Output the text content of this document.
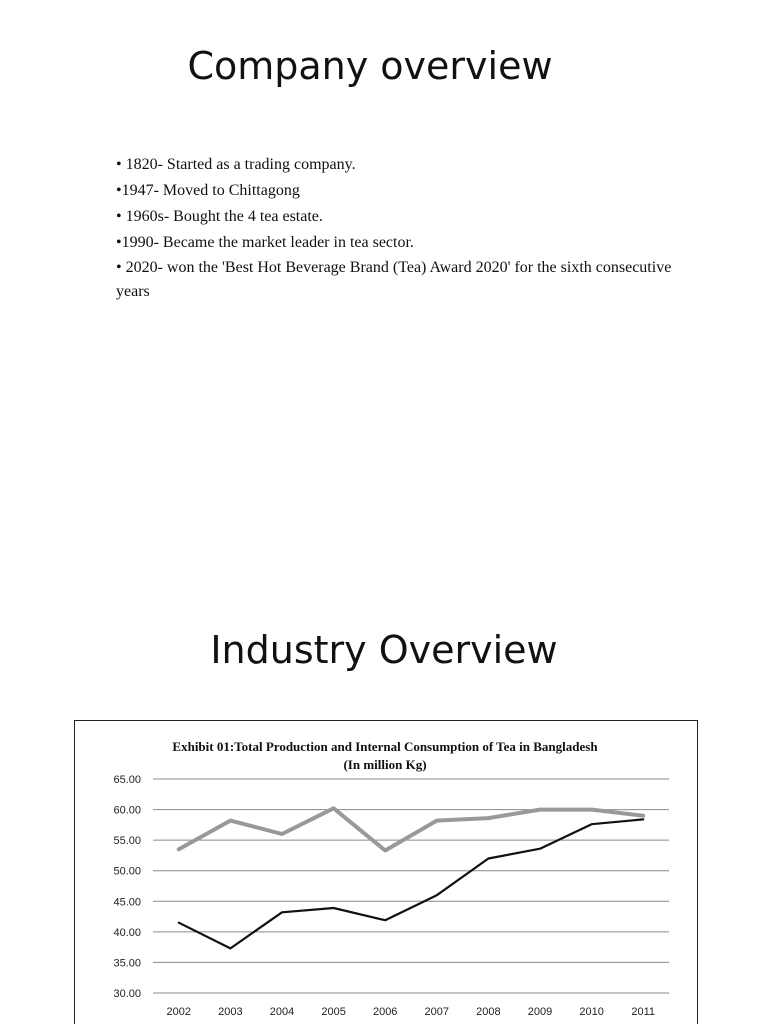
Company overview
• 1820- Started as a trading company.
•1947- Moved to Chittagong
• 1960s- Bought the 4 tea estate.
•1990- Became the market leader in tea sector.
• 2020- won the 'Best Hot Beverage Brand (Tea) Award 2020' for the sixth consecutive years
Industry Overview
Exhibit 01:Total Production and Internal Consumption of Tea in Bangladesh
(In million Kg)
30.00
35.00
40.00
45.00
50.00
55.00
60.00
65.00
2002 2003 2004 2005 2006 2007 2008 2009 2010	2011
